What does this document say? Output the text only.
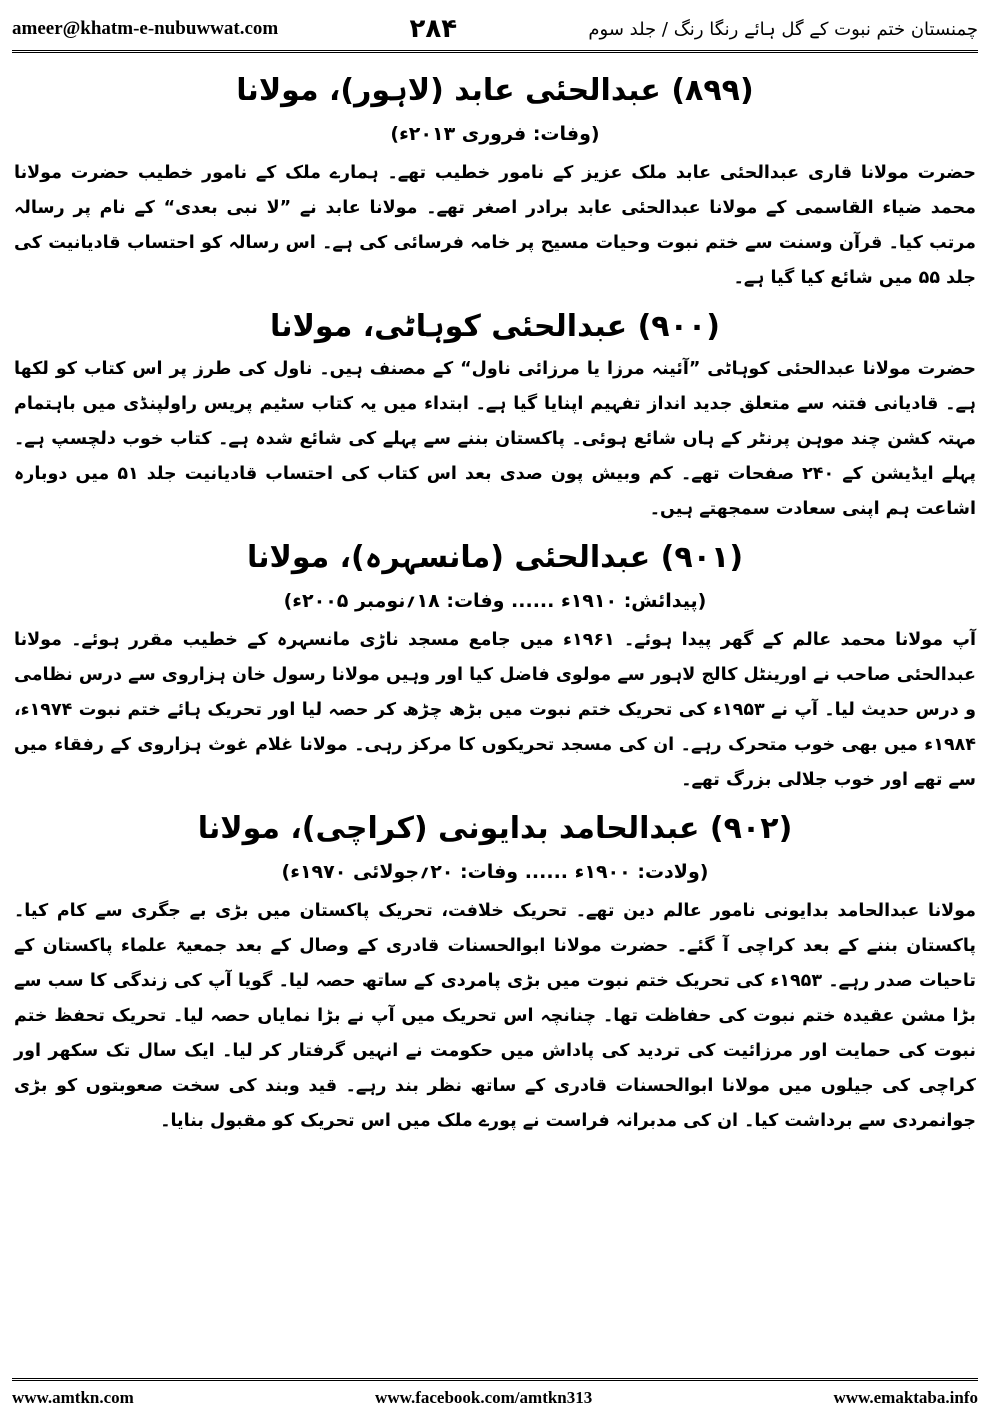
ameer@khatm-e-nubuwwat.com	۲۸۴	چمنستان ختم نبوت کے گل ہائے رنگا رنگ / جلد سوم
(۸۹۹) عبدالحئی عابد (لاہور)، مولانا
(وفات: فروری ۲۰۱۳ء)

حضرت مولانا قاری عبدالحئی عابد ملک عزیز کے نامور خطیب تھے۔ ہمارے ملک کے نامور خطیب حضرت مولانا محمد ضیاء القاسمی کے مولانا عبدالحئی عابد برادر اصغر تھے۔ مولانا عابد نے ”لا نبی بعدی“ کے نام پر رسالہ مرتب کیا۔ قرآن وسنت سے ختم نبوت وحیات مسیح پر خامہ فرسائی کی ہے۔ اس رسالہ کو احتساب قادیانیت کی جلد ۵۵ میں شائع کیا گیا ہے۔

(۹۰۰) عبدالحئی کوہاٹی، مولانا

حضرت مولانا عبدالحئی کوہاٹی ”آئینہ مرزا یا مرزائی ناول“ کے مصنف ہیں۔ ناول کی طرز پر اس کتاب کو لکھا ہے۔ قادیانی فتنہ سے متعلق جدید انداز تفہیم اپنایا گیا ہے۔ ابتداء میں یہ کتاب سٹیم پریس راولپنڈی میں باہتمام مہتہ کشن چند موہن پرنٹر کے ہاں شائع ہوئی۔ پاکستان بننے سے پہلے کی شائع شدہ ہے۔ کتاب خوب دلچسپ ہے۔ پہلے ایڈیشن کے ۲۴۰ صفحات تھے۔ کم وبیش پون صدی بعد اس کتاب کی احتساب قادیانیت جلد ۵۱ میں دوبارہ اشاعت ہم اپنی سعادت سمجھتے ہیں۔

(۹۰۱) عبدالحئی (مانسہرہ)، مولانا
(پیدائش: ۱۹۱۰ء ...... وفات: ۱۸؍نومبر ۲۰۰۵ء)

آپ مولانا محمد عالم کے گھر پیدا ہوئے۔ ۱۹۶۱ء میں جامع مسجد ناڑی مانسہرہ کے خطیب مقرر ہوئے۔ مولانا عبدالحئی صاحب نے اورینٹل کالج لاہور سے مولوی فاضل کیا اور وہیں مولانا رسول خان ہزاروی سے درس نظامی و درس حدیث لیا۔ آپ نے ۱۹۵۳ء کی تحریک ختم نبوت میں بڑھ چڑھ کر حصہ لیا اور تحریک ہائے ختم نبوت ۱۹۷۴ء، ۱۹۸۴ء میں بھی خوب متحرک رہے۔ ان کی مسجد تحریکوں کا مرکز رہی۔ مولانا غلام غوث ہزاروی کے رفقاء میں سے تھے اور خوب جلالی بزرگ تھے۔

(۹۰۲) عبدالحامد بدایونی (کراچی)، مولانا
(ولادت: ۱۹۰۰ء ...... وفات: ۲۰؍جولائی ۱۹۷۰ء)

مولانا عبدالحامد بدایونی نامور عالم دین تھے۔ تحریک خلافت، تحریک پاکستان میں بڑی بے جگری سے کام کیا۔ پاکستان بننے کے بعد کراچی آ گئے۔ حضرت مولانا ابوالحسنات قادری کے وصال کے بعد جمعیۃ علماء پاکستان کے تاحیات صدر رہے۔ ۱۹۵۳ء کی تحریک ختم نبوت میں بڑی پامردی کے ساتھ حصہ لیا۔ گویا آپ کی زندگی کا سب سے بڑا مشن عقیدہ ختم نبوت کی حفاظت تھا۔ چنانچہ اس تحریک میں آپ نے بڑا نمایاں حصہ لیا۔ تحریک تحفظ ختم نبوت کی حمایت اور مرزائیت کی تردید کی پاداش میں حکومت نے انہیں گرفتار کر لیا۔ ایک سال تک سکھر اور کراچی کی جیلوں میں مولانا ابوالحسنات قادری کے ساتھ نظر بند رہے۔ قید وبند کی سخت صعوبتوں کو بڑی جوانمردی سے برداشت کیا۔ ان کی مدبرانہ فراست نے پورے ملک میں اس تحریک کو مقبول بنایا۔

www.amtkn.com	www.facebook.com/amtkn313	www.emaktaba.info
